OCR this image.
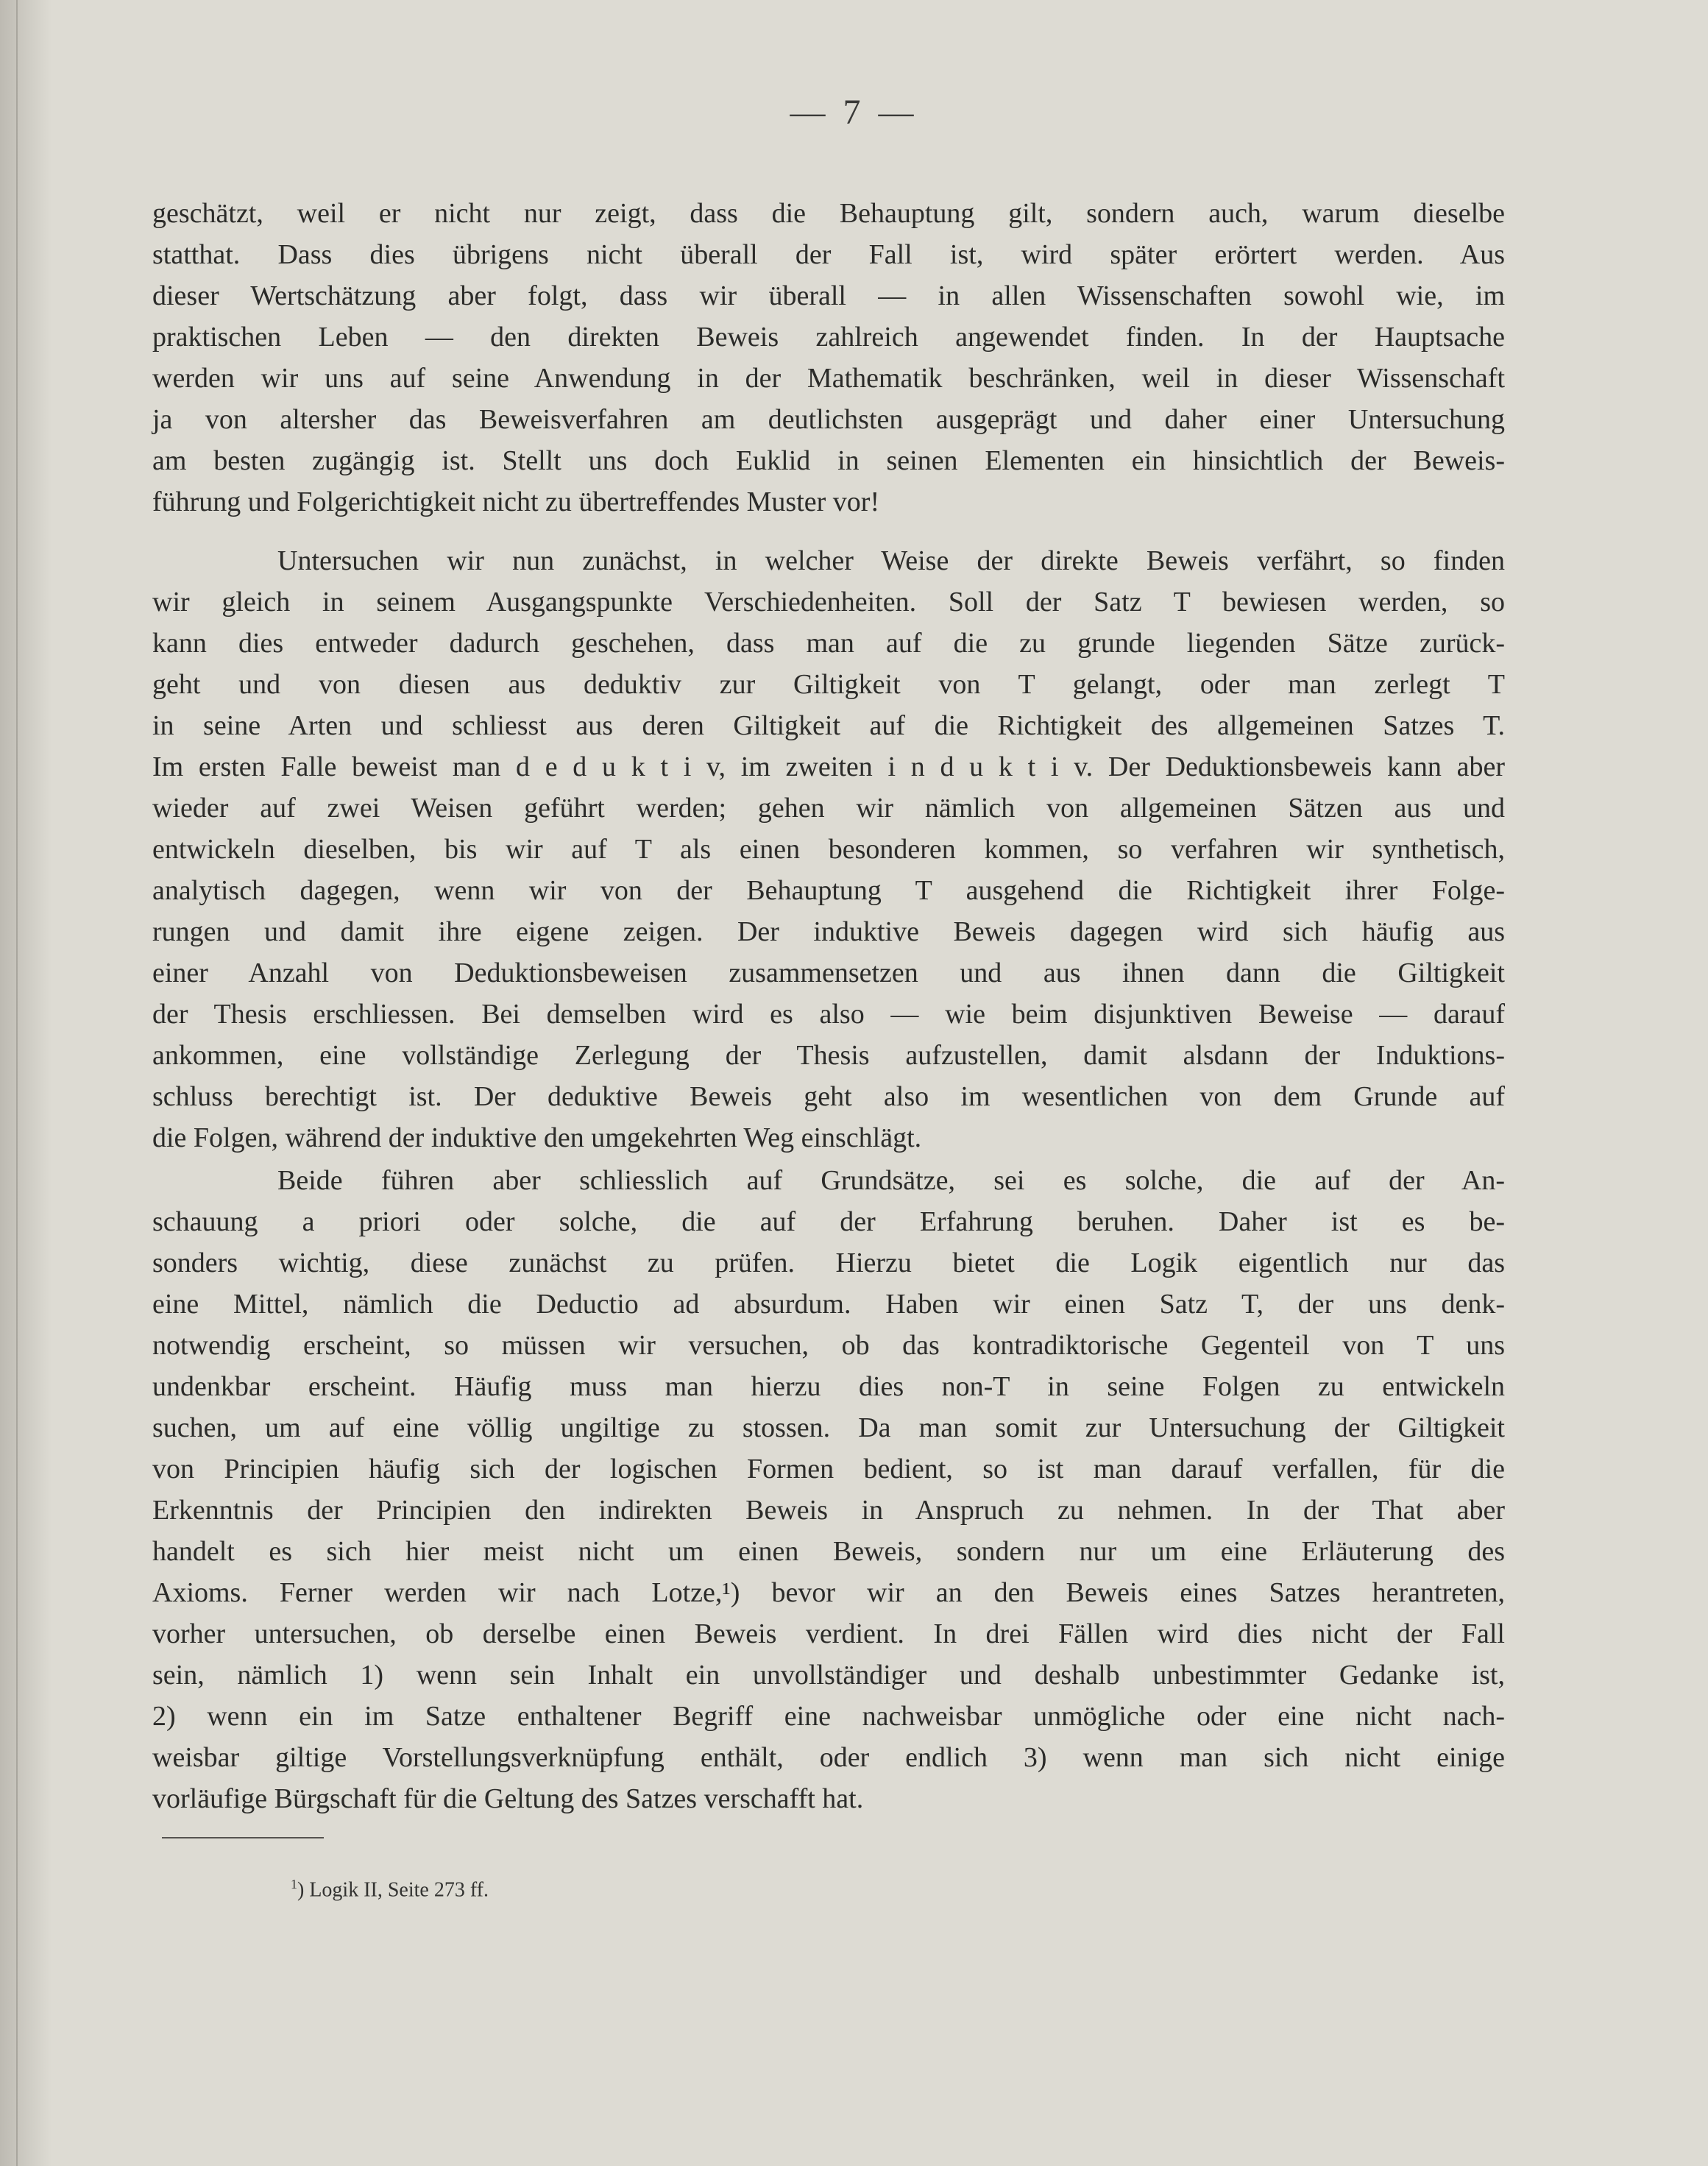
— 7 —
geschätzt, weil er nicht nur zeigt, dass die Behauptung gilt, sondern auch, warum dieselbe
statthat. Dass dies übrigens nicht überall der Fall ist, wird später erörtert werden. Aus
dieser Wertschätzung aber folgt, dass wir überall — in allen Wissenschaften sowohl wie, im
praktischen Leben — den direkten Beweis zahlreich angewendet finden. In der Hauptsache
werden wir uns auf seine Anwendung in der Mathematik beschränken, weil in dieser Wissenschaft
ja von altersher das Beweisverfahren am deutlichsten ausgeprägt und daher einer Untersuchung
am besten zugängig ist. Stellt uns doch Euklid in seinen Elementen ein hinsichtlich der Beweis-
führung und Folgerichtigkeit nicht zu übertreffendes Muster vor!
Untersuchen wir nun zunächst, in welcher Weise der direkte Beweis verfährt, so finden
wir gleich in seinem Ausgangspunkte Verschiedenheiten. Soll der Satz T bewiesen werden, so
kann dies entweder dadurch geschehen, dass man auf die zu grunde liegenden Sätze zurück-
geht und von diesen aus deduktiv zur Giltigkeit von T gelangt, oder man zerlegt T
in seine Arten und schliesst aus deren Giltigkeit auf die Richtigkeit des allgemeinen Satzes T.
Im ersten Falle beweist man d e d u k t i v, im zweiten i n d u k t i v. Der Deduktionsbeweis kann aber
wieder auf zwei Weisen geführt werden; gehen wir nämlich von allgemeinen Sätzen aus und
entwickeln dieselben, bis wir auf T als einen besonderen kommen, so verfahren wir synthetisch,
analytisch dagegen, wenn wir von der Behauptung T ausgehend die Richtigkeit ihrer Folge-
rungen und damit ihre eigene zeigen. Der induktive Beweis dagegen wird sich häufig aus
einer Anzahl von Deduktionsbeweisen zusammensetzen und aus ihnen dann die Giltigkeit
der Thesis erschliessen. Bei demselben wird es also — wie beim disjunktiven Beweise — darauf
ankommen, eine vollständige Zerlegung der Thesis aufzustellen, damit alsdann der Induktions-
schluss berechtigt ist. Der deduktive Beweis geht also im wesentlichen von dem Grunde auf
die Folgen, während der induktive den umgekehrten Weg einschlägt.
Beide führen aber schliesslich auf Grundsätze, sei es solche, die auf der An-
schauung a priori oder solche, die auf der Erfahrung beruhen. Daher ist es be-
sonders wichtig, diese zunächst zu prüfen. Hierzu bietet die Logik eigentlich nur das
eine Mittel, nämlich die Deductio ad absurdum. Haben wir einen Satz T, der uns denk-
notwendig erscheint, so müssen wir versuchen, ob das kontradiktorische Gegenteil von T uns
undenkbar erscheint. Häufig muss man hierzu dies non-T in seine Folgen zu entwickeln
suchen, um auf eine völlig ungiltige zu stossen. Da man somit zur Untersuchung der Giltigkeit
von Principien häufig sich der logischen Formen bedient, so ist man darauf verfallen, für die
Erkenntnis der Principien den indirekten Beweis in Anspruch zu nehmen. In der That aber
handelt es sich hier meist nicht um einen Beweis, sondern nur um eine Erläuterung des
Axioms. Ferner werden wir nach Lotze,¹) bevor wir an den Beweis eines Satzes herantreten,
vorher untersuchen, ob derselbe einen Beweis verdient. In drei Fällen wird dies nicht der Fall
sein, nämlich 1) wenn sein Inhalt ein unvollständiger und deshalb unbestimmter Gedanke ist,
2) wenn ein im Satze enthaltener Begriff eine nachweisbar unmögliche oder eine nicht nach-
weisbar giltige Vorstellungsverknüpfung enthält, oder endlich 3) wenn man sich nicht einige
vorläufige Bürgschaft für die Geltung des Satzes verschafft hat.
$^1$) Logik II, Seite 273 ff.
